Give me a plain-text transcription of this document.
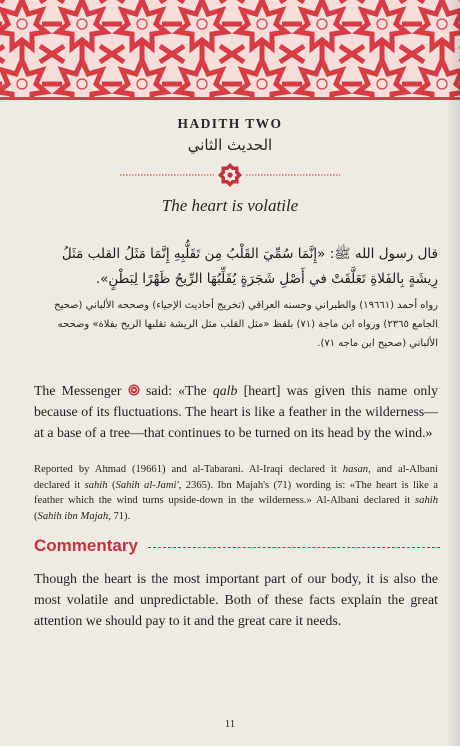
HADITH TWO
الحديث الثاني
The heart is volatile
قال رسول الله ﷺ: «إِنَّمَا سُمِّيَ القَلْبُ مِن تَقَلُّبِهِ إِنَّمَا مَثَلُ القلب مَثَلُ رِيشَةٍ بِالفَلاةِ تَعَلَّقَتْ في أَصْلِ شَجَرَةٍ يُقَلِّبُهَا الرِّيحُ ظَهْرًا لِبَطْنٍ».
رواه أحمد (١٩٦٦١) والطبراني وحسنه العراقي (تخريج أحاديث الإحياء) وصححه الألباني (صحيح الجامع ٢٣٦٥) ورواه ابن ماجة (٧١) بلفظ «مثل القلب مثل الريشة تقلبها الريح بفلاة» وصححه الألباني (صحيح ابن ماجه ٧١).
The Messenger said: «The qalb [heart] was given this name only because of its fluctuations. The heart is like a feather in the wilderness—at a base of a tree—that continues to be turned on its head by the wind.»
Reported by Ahmad (19661) and al-Tabarani. Al-Iraqi declared it hasan, and al-Albani declared it sahih (Sahih al-Jami', 2365). Ibn Majah's (71) wording is: «The heart is like a feather which the wind turns upside-down in the wilderness.» Al-Albani declared it sahih (Sahih ibn Majah, 71).
Commentary
Though the heart is the most important part of our body, it is also the most volatile and unpredictable. Both of these facts explain the great attention we should pay to it and the great care it needs.
11
